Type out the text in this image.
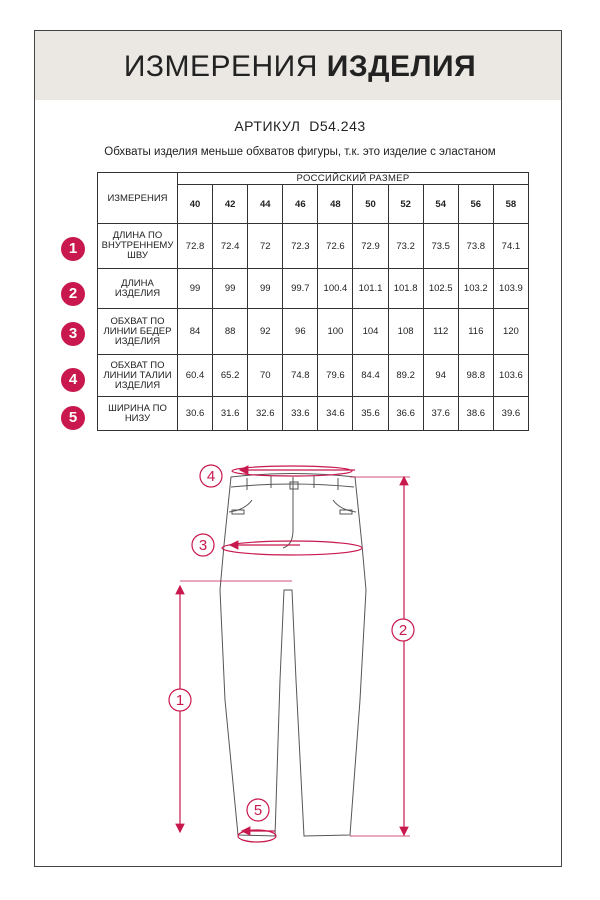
ИЗМЕРЕНИЯ ИЗДЕЛИЯ
АРТИКУЛ D54.243
Обхваты изделия меньше обхватов фигуры, т.к. это изделие с эластаном
ИЗМЕРЕНИЯ	РОССИЙСКИЙ РАЗМЕР									
	40	42	44	46	48	50	52	54	56	58
ДЛИНА ПО ВНУТРЕННЕМУ ШВУ	72.8	72.4	72	72.3	72.6	72.9	73.2	73.5	73.8	74.1
ДЛИНА ИЗДЕЛИЯ	99	99	99	99.7	100.4	101.1	101.8	102.5	103.2	103.9
ОБХВАТ ПО ЛИНИИ БЕДЕР ИЗДЕЛИЯ	84	88	92	96	100	104	108	112	116	120
ОБХВАТ ПО ЛИНИИ ТАЛИИ ИЗДЕЛИЯ	60.4	65.2	70	74.8	79.6	84.4	89.2	94	98.8	103.6
ШИРИНА ПО НИЗУ	30.6	31.6	32.6	33.6	34.6	35.6	36.6	37.6	38.6	39.6
1
2
3
4
5
4
3
1
2
5
